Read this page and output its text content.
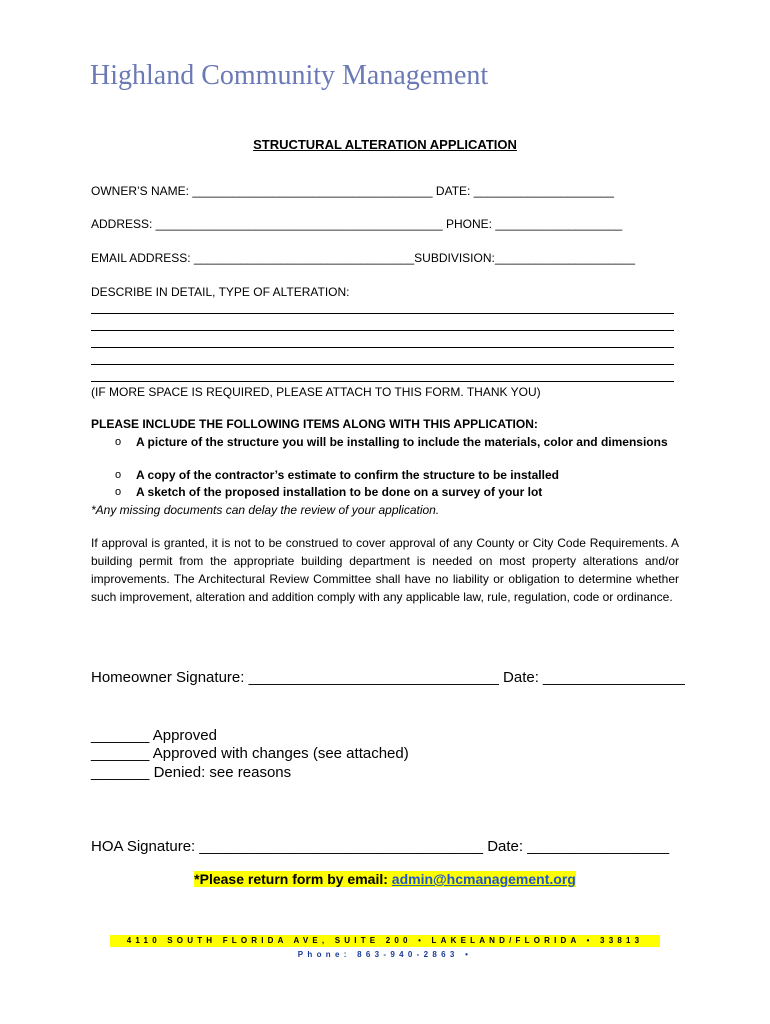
Highland Community Management
STRUCTURAL ALTERATION APPLICATION
OWNER’S NAME: ____________________________________ DATE: _____________________
ADDRESS: ___________________________________________ PHONE: ___________________
EMAIL ADDRESS: _________________________________SUBDIVISION:_____________________
DESCRIBE IN DETAIL, TYPE OF ALTERATION:
(IF MORE SPACE IS REQUIRED, PLEASE ATTACH TO THIS FORM. THANK YOU)
PLEASE INCLUDE THE FOLLOWING ITEMS ALONG WITH THIS APPLICATION:
o A picture of the structure you will be installing to include the materials, color and dimensions
o A copy of the contractor’s estimate to confirm the structure to be installed
o A sketch of the proposed installation to be done on a survey of your lot
*Any missing documents can delay the review of your application.
If approval is granted, it is not to be construed to cover approval of any County or City Code Requirements. A building permit from the appropriate building department is needed on most property alterations and/or improvements. The Architectural Review Committee shall have no liability or obligation to determine whether such improvement, alteration and addition comply with any applicable law, rule, regulation, code or ordinance.
Homeowner Signature: ______________________________ Date: _________________
_______ Approved
_______ Approved with changes (see attached)
_______ Denied: see reasons
HOA Signature: __________________________________ Date: _________________
*Please return form by email: admin@hcmanagement.org
4110 SOUTH FLORIDA AVE, SUITE 200 • LAKELAND/FLORIDA • 33813
Phone: 863-940-2863 •
